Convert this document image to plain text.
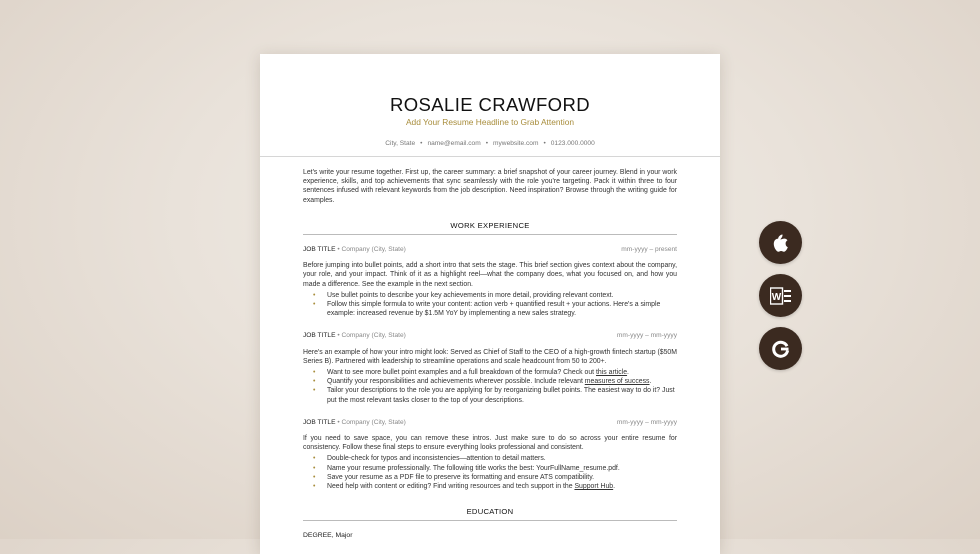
ROSALIE CRAWFORD
Add Your Resume Headline to Grab Attention
City, State • name@email.com • mywebsite.com • 0123.000.0000

Let's write your resume together. First up, the career summary: a brief snapshot of your career journey. Blend in your work experience, skills, and top achievements that sync seamlessly with the role you're targeting. Pack it within three to four sentences infused with relevant keywords from the job description. Need inspiration? Browse through the writing guide for examples.

WORK EXPERIENCE
JOB TITLE • Company (City, State)	mm-yyyy – present

Before jumping into bullet points, add a short intro that sets the stage. This brief section gives context about the company, your role, and your impact. Think of it as a highlight reel—what the company does, what you focused on, and how you made a difference. See the example in the next section.

• Use bullet points to describe your key achievements in more detail, providing relevant context.
• Follow this simple formula to write your content: action verb + quantified result + your actions. Here's a simple example: increased revenue by $1.5M YoY by implementing a new sales strategy.
JOB TITLE • Company (City, State)	mm-yyyy – mm-yyyy

Here's an example of how your intro might look: Served as Chief of Staff to the CEO of a high-growth fintech startup ($50M Series B). Partnered with leadership to streamline operations and scale headcount from 50 to 200+.

• Want to see more bullet point examples and a full breakdown of the formula? Check out this article.
• Quantify your responsibilities and achievements wherever possible. Include relevant measures of success.
• Tailor your descriptions to the role you are applying for by reorganizing bullet points. The easiest way to do it? Just put the most relevant tasks closer to the top of your descriptions.
JOB TITLE • Company (City, State)	mm-yyyy – mm-yyyy

If you need to save space, you can remove these intros. Just make sure to do so across your entire resume for consistency. Follow these final steps to ensure everything looks professional and consistent.

• Double-check for typos and inconsistencies—attention to detail matters.
• Name your resume professionally. The following title works the best: YourFullName_resume.pdf.
• Save your resume as a PDF file to preserve its formatting and ensure ATS compatibility.
• Need help with content or editing? Find writing resources and tech support in the Support Hub.
EDUCATION
DEGREE, Major
W
